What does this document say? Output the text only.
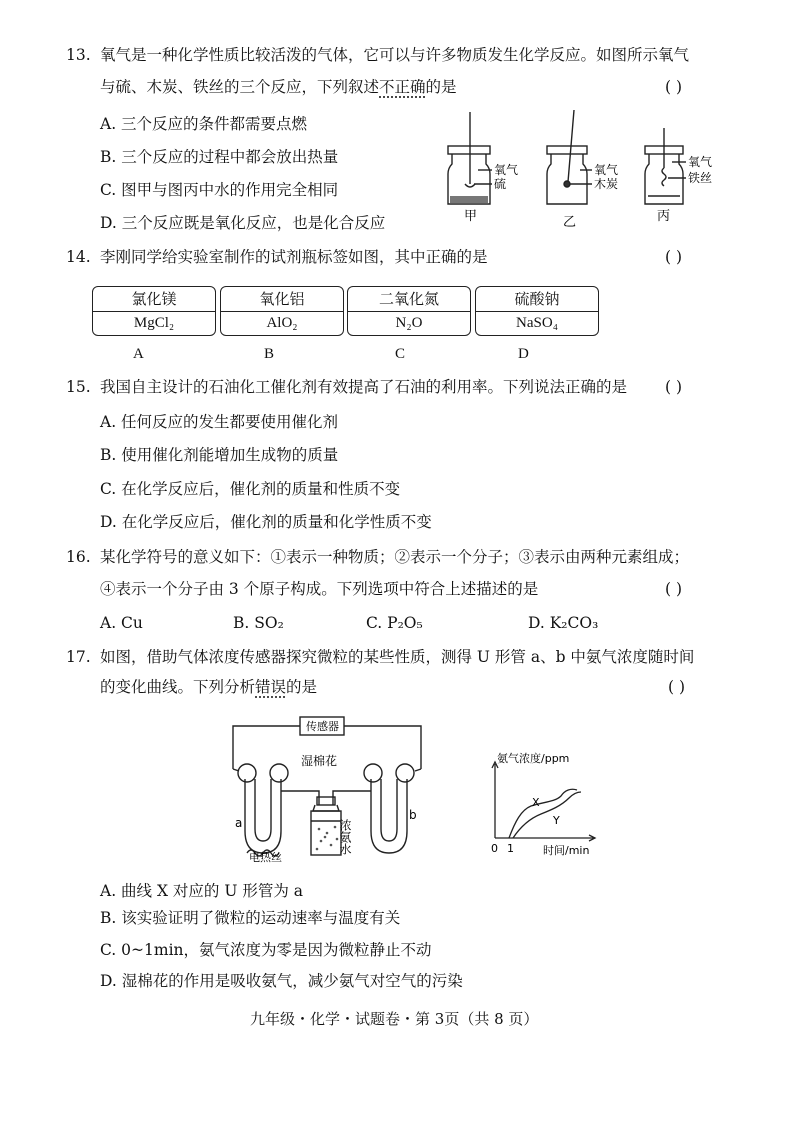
13. 氧气是一种化学性质比较活泼的气体，它可以与许多物质发生化学反应。如图所示氧气
与硫、木炭、铁丝的三个反应，下列叙述不正确的是	( )
A. 三个反应的条件都需要点燃
B. 三个反应的过程中都会放出热量
C. 图甲与图丙中水的作用完全相同
D. 三个反应既是氧化反应，也是化合反应
氧气
硫
氧气
木炭
氧气
铁丝
甲	乙	丙
14. 李刚同学给实验室制作的试剂瓶标签如图，其中正确的是	( )
氯化镁
MgCl₂
氧化铝
AlO₂
二氧化氮
N₂O
硫酸钠
NaSO₄
A	B	C	D
15. 我国自主设计的石油化工催化剂有效提高了石油的利用率。下列说法正确的是 ( )
A. 任何反应的发生都要使用催化剂
B. 使用催化剂能增加生成物的质量
C. 在化学反应后，催化剂的质量和性质不变
D. 在化学反应后，催化剂的质量和化学性质不变
16. 某化学符号的意义如下：①表示一种物质；②表示一个分子；③表示由两种元素组成；
④表示一个分子由 3 个原子构成。下列选项中符合上述描述的是	( )
A. Cu	B. SO₂	C. P₂O₅	D. K₂CO₃
17. 如图，借助气体浓度传感器探究微粒的某些性质，测得 U 形管 a、b 中氨气浓度随时间
的变化曲线。下列分析错误的是	( )
传感器
湿棉花
a
b
电热丝
浓氨水
氨气浓度/ppm
X
Y
0 1	时间/min
A. 曲线 X 对应的 U 形管为 a
B. 该实验证明了微粒的运动速率与温度有关
C. 0~1min，氨气浓度为零是因为微粒静止不动
D. 湿棉花的作用是吸收氨气，减少氨气对空气的污染
九年级・化学・试题卷・第 3页（共 8 页）
